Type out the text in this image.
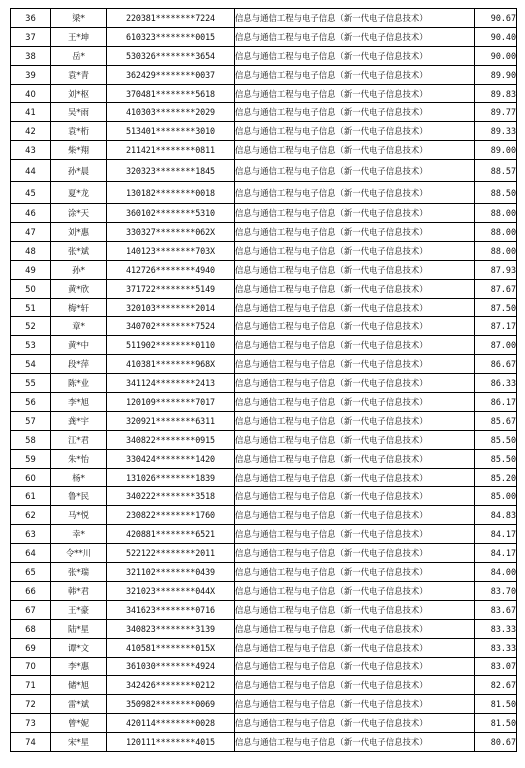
36	梁*	220381********7224	信息与通信工程与电子信息（新一代电子信息技术）	90.67
37	王*坤	610323********0015	信息与通信工程与电子信息（新一代电子信息技术）	90.40
38	岳*	530326********3654	信息与通信工程与电子信息（新一代电子信息技术）	90.00
39	袁*青	362429********0037	信息与通信工程与电子信息（新一代电子信息技术）	89.90
40	刘*枢	370481********5618	信息与通信工程与电子信息（新一代电子信息技术）	89.83
41	吴*雨	410303********2029	信息与通信工程与电子信息（新一代电子信息技术）	89.77
42	袁*桁	513401********3010	信息与通信工程与电子信息（新一代电子信息技术）	89.33
43	柴*翔	211421********0811	信息与通信工程与电子信息（新一代电子信息技术）	89.00
44	孙*晨	320323********1845	信息与通信工程与电子信息（新一代电子信息技术）	88.57
45	夏*龙	130182********0018	信息与通信工程与电子信息（新一代电子信息技术）	88.50
46	涂*天	360102********5310	信息与通信工程与电子信息（新一代电子信息技术）	88.00
47	刘*惠	330327********062X	信息与通信工程与电子信息（新一代电子信息技术）	88.00
48	张*斌	140123********703X	信息与通信工程与电子信息（新一代电子信息技术）	88.00
49	孙*	412726********4940	信息与通信工程与电子信息（新一代电子信息技术）	87.93
50	黄*欣	371722********5149	信息与通信工程与电子信息（新一代电子信息技术）	87.67
51	梅*轩	320103********2014	信息与通信工程与电子信息（新一代电子信息技术）	87.50
52	章*	340702********7524	信息与通信工程与电子信息（新一代电子信息技术）	87.17
53	黄*中	511902********0110	信息与通信工程与电子信息（新一代电子信息技术）	87.00
54	段*萍	410381********968X	信息与通信工程与电子信息（新一代电子信息技术）	86.67
55	陈*业	341124********2413	信息与通信工程与电子信息（新一代电子信息技术）	86.33
56	李*旭	120109********7017	信息与通信工程与电子信息（新一代电子信息技术）	86.17
57	龚*宇	320921********6311	信息与通信工程与电子信息（新一代电子信息技术）	85.67
58	江*君	340822********0915	信息与通信工程与电子信息（新一代电子信息技术）	85.50
59	朱*怡	330424********1420	信息与通信工程与电子信息（新一代电子信息技术）	85.50
60	杨*	131026********1839	信息与通信工程与电子信息（新一代电子信息技术）	85.20
61	鲁*民	340222********3518	信息与通信工程与电子信息（新一代电子信息技术）	85.00
62	马*悦	230822********1760	信息与通信工程与电子信息（新一代电子信息技术）	84.83
63	幸*	420881********6521	信息与通信工程与电子信息（新一代电子信息技术）	84.17
64	令**川	522122********2011	信息与通信工程与电子信息（新一代电子信息技术）	84.17
65	张*瑞	321102********0439	信息与通信工程与电子信息（新一代电子信息技术）	84.00
66	韩*君	321023********044X	信息与通信工程与电子信息（新一代电子信息技术）	83.70
67	王*豪	341623********0716	信息与通信工程与电子信息（新一代电子信息技术）	83.67
68	陆*星	340823********3139	信息与通信工程与电子信息（新一代电子信息技术）	83.33
69	谭*文	410581********015X	信息与通信工程与电子信息（新一代电子信息技术）	83.33
70	李*惠	361030********4924	信息与通信工程与电子信息（新一代电子信息技术）	83.07
71	储*旭	342426********0212	信息与通信工程与电子信息（新一代电子信息技术）	82.67
72	雷*斌	350982********0069	信息与通信工程与电子信息（新一代电子信息技术）	81.50
73	曾*妮	420114********0028	信息与通信工程与电子信息（新一代电子信息技术）	81.50
74	宋*星	120111********4015	信息与通信工程与电子信息（新一代电子信息技术）	80.67
